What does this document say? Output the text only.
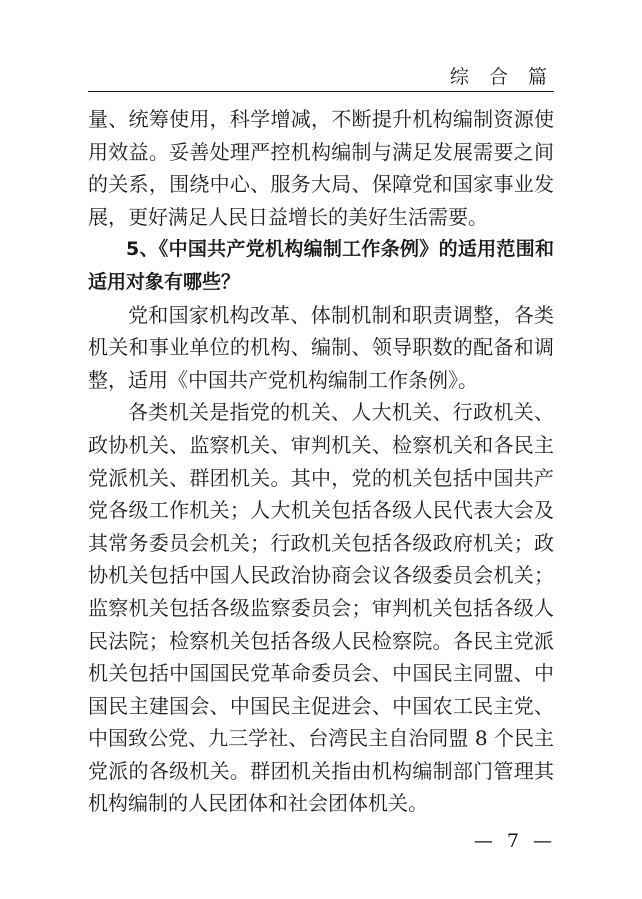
综 合 篇

量、统筹使用，科学增减，不断提升机构编制资源使用效益。妥善处理严控机构编制与满足发展需要之间的关系，围绕中心、服务大局、保障党和国家事业发展，更好满足人民日益增长的美好生活需要。

5、《中国共产党机构编制工作条例》的适用范围和适用对象有哪些？

党和国家机构改革、体制机制和职责调整，各类机关和事业单位的机构、编制、领导职数的配备和调整，适用《中国共产党机构编制工作条例》。

各类机关是指党的机关、人大机关、行政机关、政协机关、监察机关、审判机关、检察机关和各民主党派机关、群团机关。其中，党的机关包括中国共产党各级工作机关；人大机关包括各级人民代表大会及其常务委员会机关；行政机关包括各级政府机关；政协机关包括中国人民政治协商会议各级委员会机关；监察机关包括各级监察委员会；审判机关包括各级人民法院；检察机关包括各级人民检察院。各民主党派机关包括中国国民党革命委员会、中国民主同盟、中国民主建国会、中国民主促进会、中国农工民主党、中国致公党、九三学社、台湾民主自治同盟 8 个民主党派的各级机关。群团机关指由机构编制部门管理其机构编制的人民团体和社会团体机关。

— 7 —
